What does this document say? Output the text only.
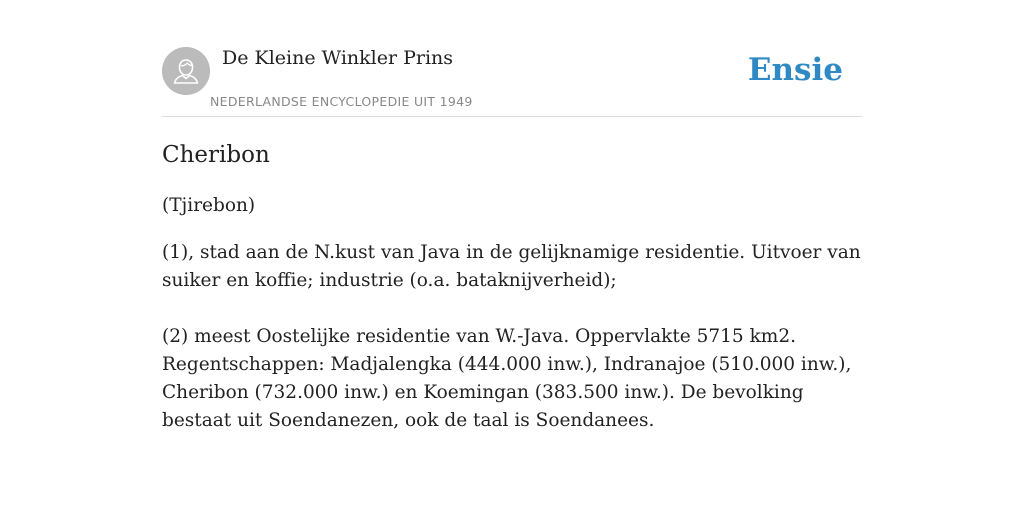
De Kleine Winkler Prins
NEDERLANDSE ENCYCLOPEDIE UIT 1949
Ensie
Cheribon
(Tjirebon)

(1), stad aan de N.kust van Java in de gelijknamige residentie. Uitvoer van suiker en koffie; industrie (o.a. bataknijverheid);

(2) meest Oostelijke residentie van W.-Java. Oppervlakte 5715 km2. Regentschappen: Madjalengka (444.000 inw.), Indranajoe (510.000 inw.), Cheribon (732.000 inw.) en Koemingan (383.500 inw.). De bevolking bestaat uit Soendanezen, ook de taal is Soendanees.
